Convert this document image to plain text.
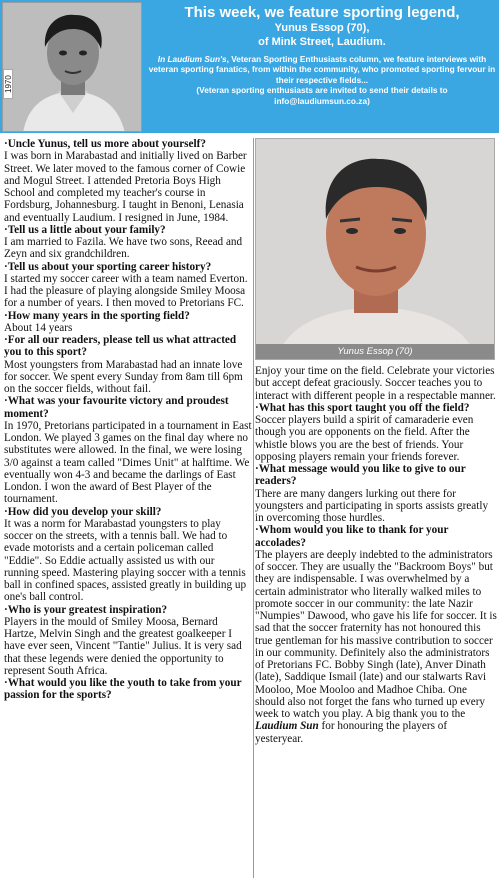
1970
This week, we feature sporting legend,
Yunus Essop (70),
of Mink Street, Laudium.
In Laudium Sun's, Veteran Sporting Enthusiasts column, we feature interviews with veteran sporting fanatics, from within the community, who promoted sporting fervour in their respective fields...
(Veteran sporting enthusiasts are invited to send their details to info@laudiumsun.co.za)
·Uncle Yunus, tell us more about yourself?
I was born in Marabastad and initially lived on Barber Street. We later moved to the famous corner of Cowie and Mogul Street. I attended Pretoria Boys High School and completed my teacher's course in Fordsburg, Johannesburg. I taught in Benoni, Lenasia and eventually Laudium. I resigned in June, 1984.
·Tell us a little about your family?
I am married to Fazila. We have two sons, Reead and Zeyn and six grandchildren.
·Tell us about your sporting career history?
I started my soccer career with a team named Everton. I had the pleasure of playing alongside Smiley Moosa for a number of years. I then moved to Pretorians FC.
·How many years in the sporting field?
About 14 years
·For all our readers, please tell us what attracted you to this sport?
Most youngsters from Marabastad had an innate love for soccer. We spent every Sunday from 8am till 6pm on the soccer fields, without fail.
·What was your favourite victory and proudest moment?
In 1970, Pretorians participated in a tournament in East London. We played 3 games on the final day where no substitutes were allowed. In the final, we were losing 3/0 against a team called "Dimes Unit" at halftime. We eventually won 4-3 and became the darlings of East London. I won the award of Best Player of the tournament.
·How did you develop your skill?
It was a norm for Marabastad youngsters to play soccer on the streets, with a tennis ball. We had to evade motorists and a certain policeman called "Eddie". So Eddie actually assisted us with our running speed. Mastering playing soccer with a tennis ball in confined spaces, assisted greatly in building up one's ball control.
·Who is your greatest inspiration?
Players in the mould of Smiley Moosa, Bernard Hartze, Melvin Singh and the greatest goalkeeper I have ever seen, Vincent "Tantie" Julius. It is very sad that these legends were denied the opportunity to represent South Africa.
·What would you like the youth to take from your passion for the sports?
Yunus Essop (70)
Enjoy your time on the field. Celebrate your victories but accept defeat graciously. Soccer teaches you to interact with different people in a respectable manner.
·What has this sport taught you off the field?
Soccer players build a spirit of camaraderie even though you are opponents on the field. After the whistle blows you are the best of friends. Your opposing players remain your friends forever.
·What message would you like to give to our readers?
There are many dangers lurking out there for youngsters and participating in sports assists greatly in overcoming those hurdles.
·Whom would you like to thank for your accolades?
The players are deeply indebted to the administrators of soccer. They are usually the "Backroom Boys" but they are indispensable. I was overwhelmed by a certain administrator who literally walked miles to promote soccer in our community: the late Nazir "Numpies" Dawood, who gave his life for soccer. It is sad that the soccer fraternity has not honoured this true gentleman for his massive contribution to soccer in our community. Definitely also the administrators of Pretorians FC. Bobby Singh (late), Anver Dinath (late), Saddique Ismail (late) and our stalwarts Ravi Mooloo, Moe Mooloo and Madhoe Chiba. One should also not forget the fans who turned up every week to watch you play. A big thank you to the Laudium Sun for honouring the players of yesteryear.
